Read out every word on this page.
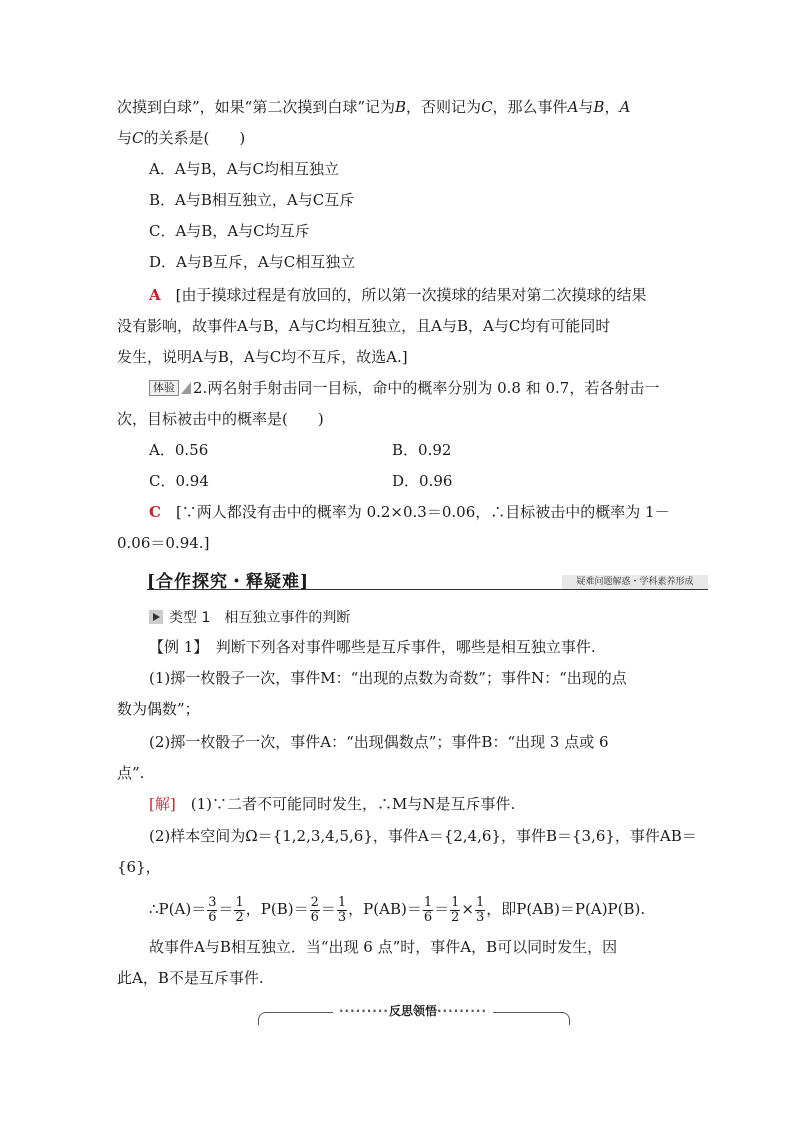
次摸到白球”，如果“第二次摸到白球”记为B，否则记为C，那么事件A与B，A
与C的关系是(　　)
A．A与B，A与C均相互独立
B．A与B相互独立，A与C互斥
C．A与B，A与C均互斥
D．A与B互斥，A与C相互独立
A　[由于摸球过程是有放回的，所以第一次摸球的结果对第二次摸球的结果
没有影响，故事件A与B，A与C均相互独立，且A与B，A与C均有可能同时
发生，说明A与B，A与C均不互斥，故选A.]
体验 2.两名射手射击同一目标，命中的概率分别为 0.8 和 0.7，若各射击一
次，目标被击中的概率是(　　)
A．0.56	B．0.92
C．0.94	D．0.96
C　[∵两人都没有击中的概率为 0.2×0.3＝0.06，∴目标被击中的概率为 1－
0.06＝0.94.]
[合作探究・释疑难]	疑难问题解惑・学科素养形成
类型 1　相互独立事件的判断
【例 1】　判断下列各对事件哪些是互斥事件，哪些是相互独立事件.
(1)掷一枚骰子一次，事件M：“出现的点数为奇数”；事件N：“出现的点
数为偶数”；
(2)掷一枚骰子一次，事件A：“出现偶数点”；事件B：“出现 3 点或 6
点”.
[解]　(1)∵二者不可能同时发生，∴M与N是互斥事件.
(2)样本空间为Ω＝{1,2,3,4,5,6}，事件A＝{2,4,6}，事件B＝{3,6}，事件AB＝
{6}，
∴P(A)＝ $\frac{3}{6} = \frac{1}{2}$ ，$P(B)= \frac{2}{6} = \frac{1}{3}$ ，$P(AB)= \frac{1}{6} = \frac{1}{2} \times \frac{1}{3}$ ，即P(AB)＝P(A)P(B).
故事件A与B相互独立．当“出现 6 点”时，事件A，B可以同时发生，因
此A，B不是互斥事件.
·········反思领悟·········
